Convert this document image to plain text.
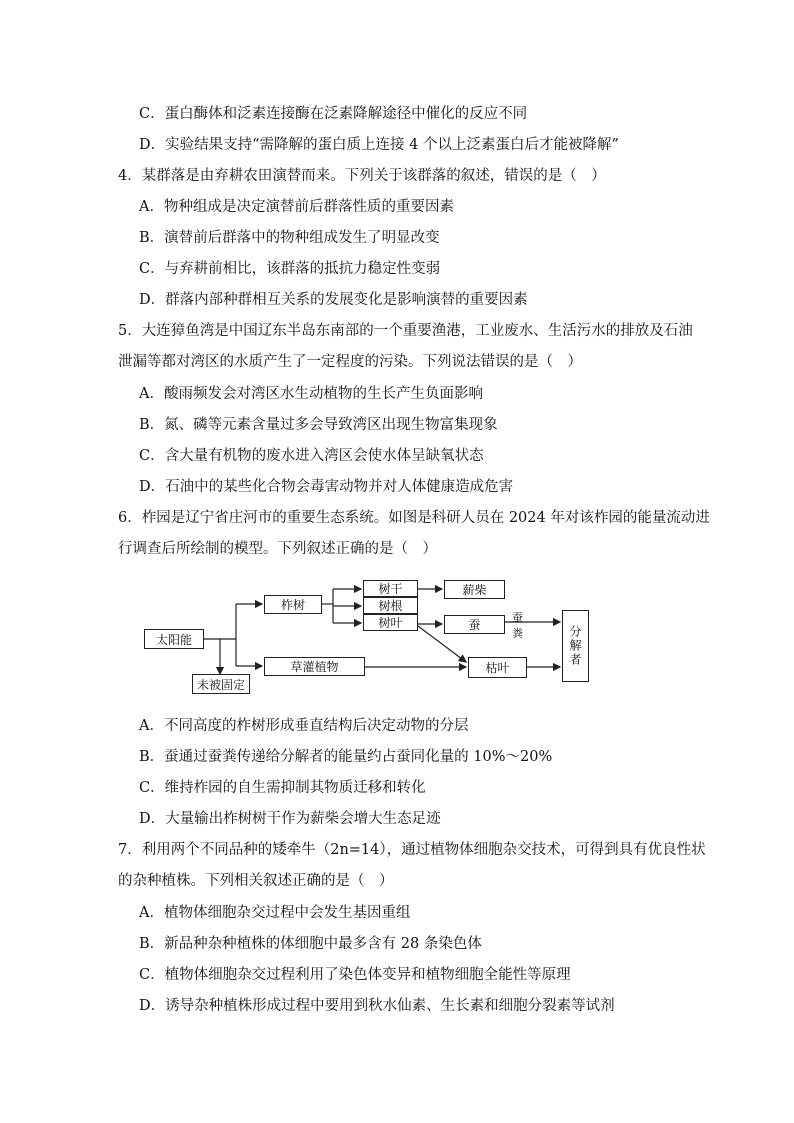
C．蛋白酶体和泛素连接酶在泛素降解途径中催化的反应不同
D．实验结果支持“需降解的蛋白质上连接 4 个以上泛素蛋白后才能被降解”
4．某群落是由弃耕农田演替而来。下列关于该群落的叙述，错误的是（　）
A．物种组成是决定演替前后群落性质的重要因素
B．演替前后群落中的物种组成发生了明显改变
C．与弃耕前相比，该群落的抵抗力稳定性变弱
D．群落内部种群相互关系的发展变化是影响演替的重要因素
5．大连獐鱼湾是中国辽东半岛东南部的一个重要渔港，工业废水、生活污水的排放及石油
泄漏等都对湾区的水质产生了一定程度的污染。下列说法错误的是（　）
A．酸雨频发会对湾区水生动植物的生长产生负面影响
B．氮、磷等元素含量过多会导致湾区出现生物富集现象
C．含大量有机物的废水进入湾区会使水体呈缺氧状态
D．石油中的某些化合物会毒害动物并对人体健康造成危害
6．柞园是辽宁省庄河市的重要生态系统。如图是科研人员在 2024 年对该柞园的能量流动进
行调查后所绘制的模型。下列叙述正确的是（　）
太阳能
未被固定
柞树
草灌植物
树干
树根
树叶
薪柴
蚕
枯叶
分解者
蚕粪
A．不同高度的柞树形成垂直结构后决定动物的分层
B．蚕通过蚕粪传递给分解者的能量约占蚕同化量的 10%～20%
C．维持柞园的自生需抑制其物质迁移和转化
D．大量输出柞树树干作为薪柴会增大生态足迹
7．利用两个不同品种的矮牵牛（2n=14），通过植物体细胞杂交技术，可得到具有优良性状
的杂种植株。下列相关叙述正确的是（　）
A．植物体细胞杂交过程中会发生基因重组
B．新品种杂种植株的体细胞中最多含有 28 条染色体
C．植物体细胞杂交过程利用了染色体变异和植物细胞全能性等原理
D．诱导杂种植株形成过程中要用到秋水仙素、生长素和细胞分裂素等试剂
